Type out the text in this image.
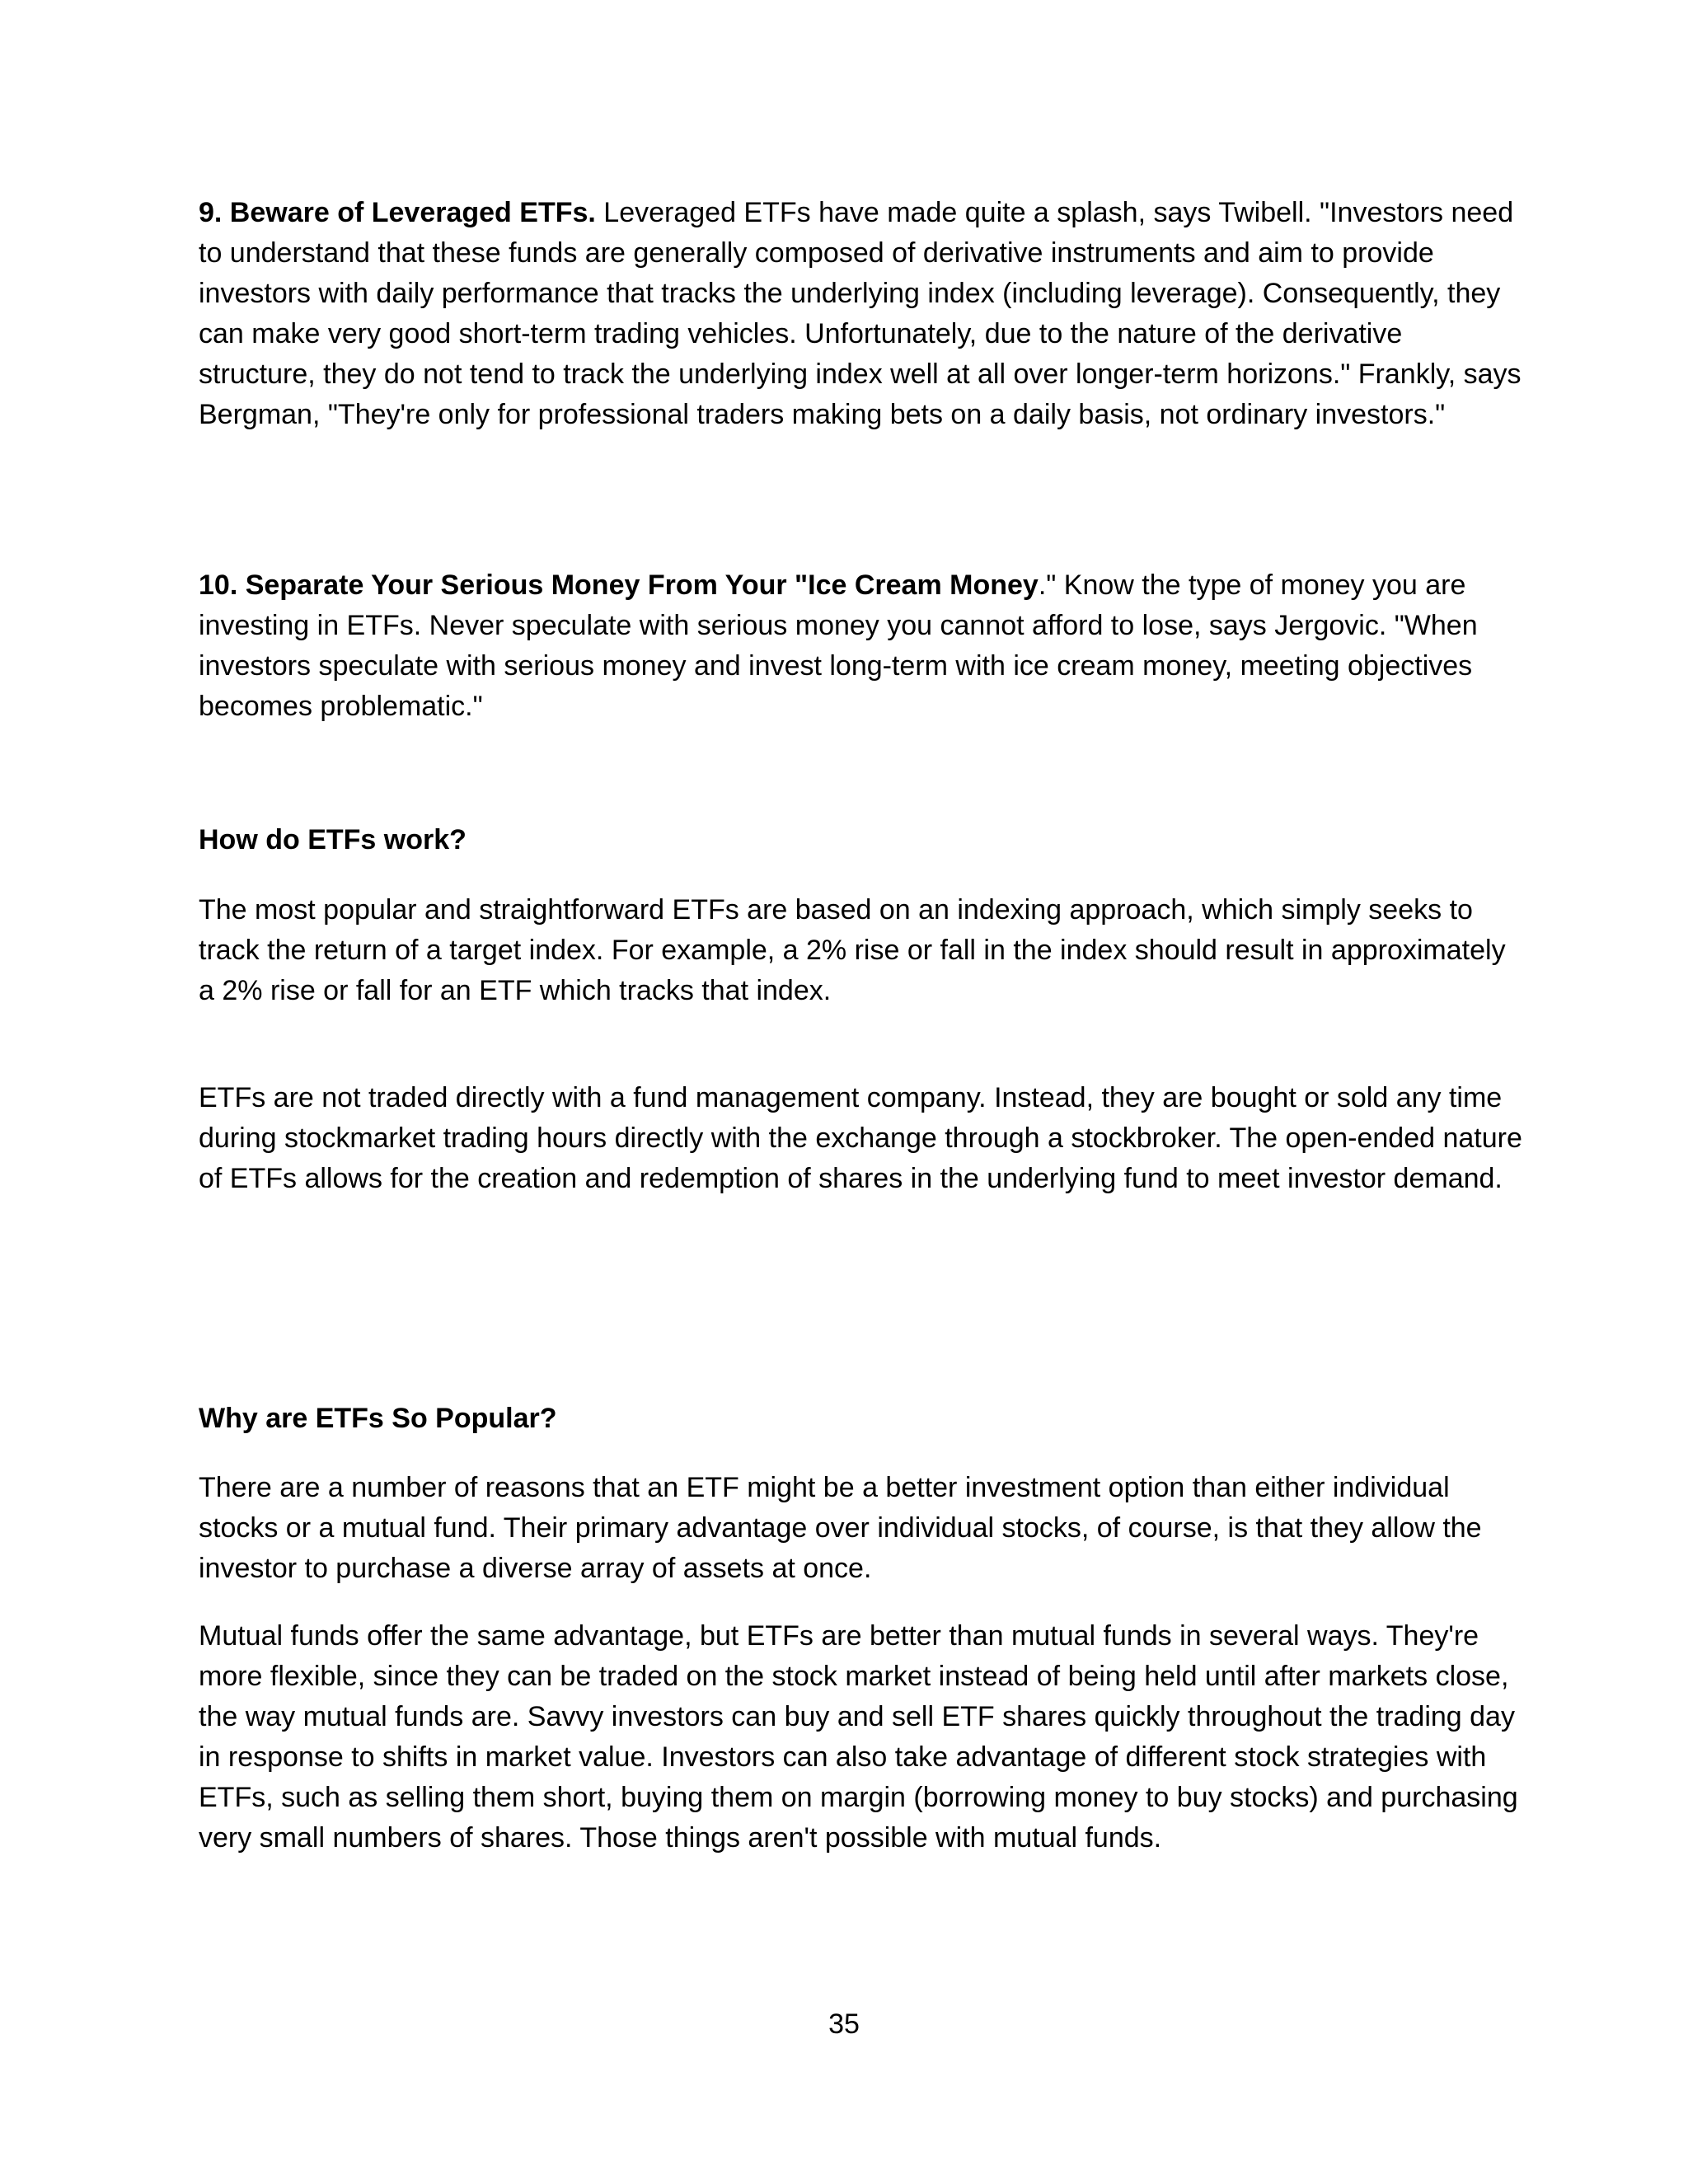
9. Beware of Leveraged ETFs. Leveraged ETFs have made quite a splash, says Twibell. "Investors need to understand that these funds are generally composed of derivative instruments and aim to provide investors with daily performance that tracks the underlying index (including leverage). Consequently, they can make very good short-term trading vehicles. Unfortunately, due to the nature of the derivative structure, they do not tend to track the underlying index well at all over longer-term horizons." Frankly, says Bergman, "They're only for professional traders making bets on a daily basis, not ordinary investors."

10. Separate Your Serious Money From Your "Ice Cream Money." Know the type of money you are investing in ETFs. Never speculate with serious money you cannot afford to lose, says Jergovic. "When investors speculate with serious money and invest long-term with ice cream money, meeting objectives becomes problematic."

How do ETFs work?

The most popular and straightforward ETFs are based on an indexing approach, which simply seeks to track the return of a target index. For example, a 2% rise or fall in the index should result in approximately a 2% rise or fall for an ETF which tracks that index.

ETFs are not traded directly with a fund management company. Instead, they are bought or sold any time during stockmarket trading hours directly with the exchange through a stockbroker. The open-ended nature of ETFs allows for the creation and redemption of shares in the underlying fund to meet investor demand.

Why are ETFs So Popular?

There are a number of reasons that an ETF might be a better investment option than either individual stocks or a mutual fund. Their primary advantage over individual stocks, of course, is that they allow the investor to purchase a diverse array of assets at once.

Mutual funds offer the same advantage, but ETFs are better than mutual funds in several ways. They're more flexible, since they can be traded on the stock market instead of being held until after markets close, the way mutual funds are. Savvy investors can buy and sell ETF shares quickly throughout the trading day in response to shifts in market value. Investors can also take advantage of different stock strategies with ETFs, such as selling them short, buying them on margin (borrowing money to buy stocks) and purchasing very small numbers of shares. Those things aren't possible with mutual funds.

35
